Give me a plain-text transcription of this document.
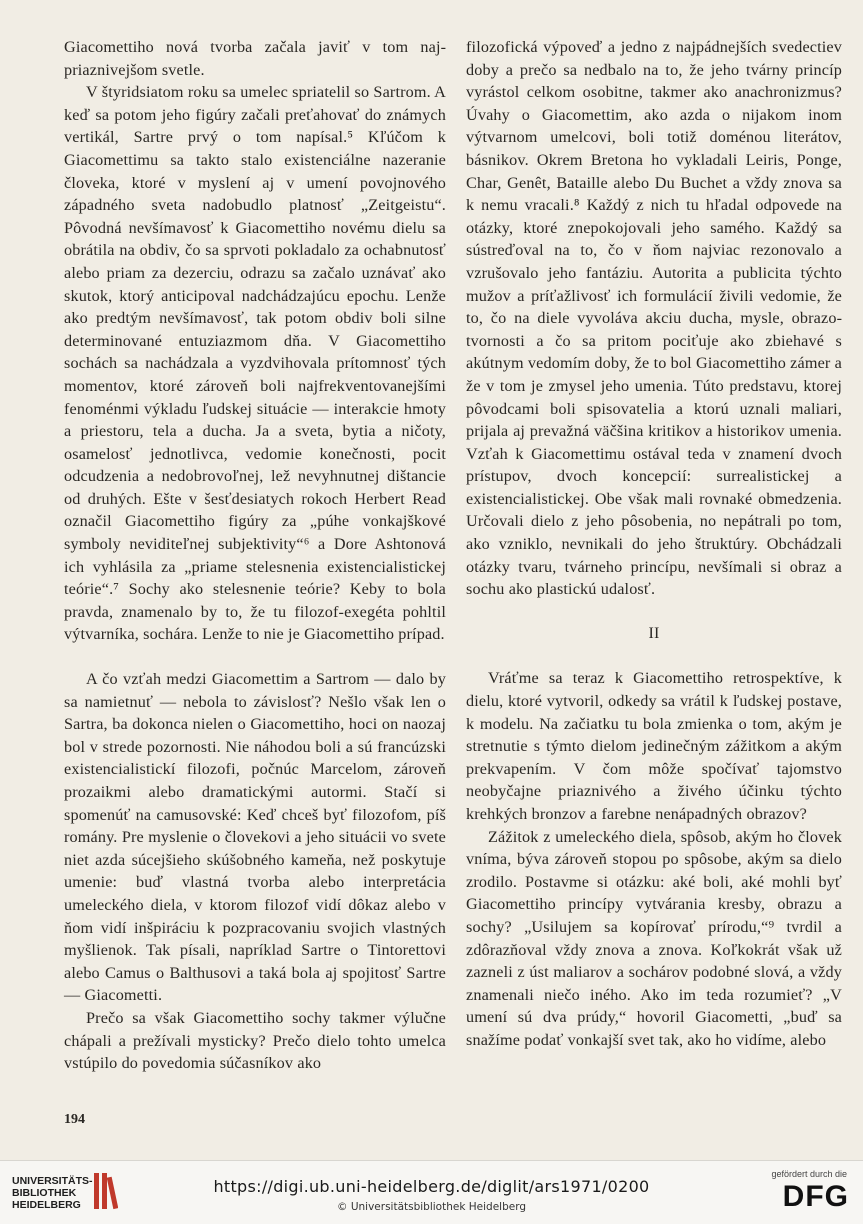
Giacomettiho nová tvorba začala javiť v tom najpriaznivejšom svetle.

V štyridsiatom roku sa umelec spriatelil so Sartrom. A keď sa potom jeho figúry začali preťahovať do známych vertikál, Sartre prvý o tom napísal.⁵ Kľúčom k Giacomettimu sa takto stalo existenciálne nazeranie človeka, ktoré v myslení aj v umení povojnového západného sveta nadobudlo platnosť „Zeitgeistu“. Pôvodná nevšímavosť k Giacomettiho novému dielu sa obrátila na obdiv, čo sa sprvoti pokladalo za ochabnutosť alebo priam za dezerciu, odrazu sa začalo uznávať ako skutok, ktorý anticipoval nadchádzajúcu epochu. Lenže ako predtým nevšímavosť, tak potom obdiv boli silne determinované entuziazmom dňa. V Giacomettiho sochách sa nachádzala a vyzdvihovala prítomnosť tých momentov, ktoré zároveň boli najfrekventovanejšími fenoménmi výkladu ľudskej situácie — interakcie hmoty a priestoru, tela a ducha. Ja a sveta, bytia a ničoty, osamelosť jednotlivca, vedomie konečnosti, pocit odcudzenia a nedobrovoľnej, lež nevyhnutnej dištancie od druhých. Ešte v šesťdesiatych rokoch Herbert Read označil Giacomettiho figúry za „púhe vonkajškové symboly neviditeľnej subjektivity“⁶ a Dore Ashtonová ich vyhlásila za „priame stelesnenia existencialistickej teórie“.⁷ Sochy ako stelesnenie teórie? Keby to bola pravda, znamenalo by to, že tu filozof-exegéta pohltil výtvarníka, sochára. Lenže to nie je Giacomettiho prípad.

A čo vzťah medzi Giacomettim a Sartrom — dalo by sa namietnuť — nebola to závislosť? Nešlo však len o Sartra, ba dokonca nielen o Giacomettiho, hoci on naozaj bol v strede pozornosti. Nie náhodou boli a sú francúzski existencialistickí filozofi, počnúc Marcelom, zároveň prozaikmi alebo dramatickými autormi. Stačí si spomenúť na camusovské: Keď chceš byť filozofom, píš romány. Pre myslenie o človekovi a jeho situácii vo svete niet azda súcejšieho skúšobného kameňa, než poskytuje umenie: buď vlastná tvorba alebo interpretácia umeleckého diela, v ktorom filozof vidí dôkaz alebo v ňom vidí inšpiráciu k pozpracovaniu svojich vlastných myšlienok. Tak písali, napríklad Sartre o Tintorettovi alebo Camus o Balthusovi a taká bola aj spojitosť Sartre — Giacometti.

Prečo sa však Giacomettiho sochy takmer výlučne chápali a prežívali mysticky? Prečo dielo tohto umelca vstúpilo do povedomia súčasníkov ako

filozofická výpoveď a jedno z najpádnejších svedectiev doby a prečo sa nedbalo na to, že jeho tvárny princíp vyrástol celkom osobitne, takmer ako anachronizmus? Úvahy o Giacomettim, ako azda o nijakom inom výtvarnom umelcovi, boli totiž doménou literátov, básnikov. Okrem Bretona ho vykladali Leiris, Ponge, Char, Genêt, Bataille alebo Du Buchet a vždy znova sa k nemu vracali.⁸ Každý z nich tu hľadal odpovede na otázky, ktoré znepokojovali jeho samého. Každý sa sústreďoval na to, čo v ňom najviac rezonovalo a vzrušovalo jeho fantáziu. Autorita a publicita týchto mužov a príťažlivosť ich formulácií živili vedomie, že to, čo na diele vyvoláva akciu ducha, mysle, obrazotvornosti a čo sa pritom pociťuje ako zbiehavé s akútnym vedomím doby, že to bol Giacomettiho zámer a že v tom je zmysel jeho umenia. Túto predstavu, ktorej pôvodcami boli spisovatelia a ktorú uznali maliari, prijala aj prevažná väčšina kritikov a historikov umenia. Vzťah k Giacomettimu ostával teda v znamení dvoch prístupov, dvoch koncepcií: surrealistickej a existencialistickej. Obe však mali rovnaké obmedzenia. Určovali dielo z jeho pôsobenia, no nepátrali po tom, ako vzniklo, nevnikali do jeho štruktúry. Obchádzali otázky tvaru, tvárneho princípu, nevšímali si obraz a sochu ako plastickú udalosť.

II

Vráťme sa teraz k Giacomettiho retrospektíve, k dielu, ktoré vytvoril, odkedy sa vrátil k ľudskej postave, k modelu. Na začiatku tu bola zmienka o tom, akým je stretnutie s týmto dielom jedinečným zážitkom a akým prekvapením. V čom môže spočívať tajomstvo neobyčajne priaznivého a živého účinku týchto krehkých bronzov a farebne nenápadných obrazov?

Zážitok z umeleckého diela, spôsob, akým ho človek vníma, býva zároveň stopou po spôsobe, akým sa dielo zrodilo. Postavme si otázku: aké boli, aké mohli byť Giacomettiho princípy vytvárania kresby, obrazu a sochy? „Usilujem sa kopírovať prírodu,“⁹ tvrdil a zdôrazňoval vždy znova a znova. Koľkokrát však už zazneli z úst maliarov a sochárov podobné slová, a vždy znamenali niečo iného. Ako im teda rozumieť? „V umení sú dva prúdy,“ hovoril Giacometti, „buď sa snažíme podať vonkajší svet tak, ako ho vidíme, alebo

194
UNIVERSITÄTS-
BIBLIOTHEK
HEIDELBERG
https://digi.ub.uni-heidelberg.de/diglit/ars1971/0200
© Universitätsbibliothek Heidelberg
gefördert durch die
DFG
